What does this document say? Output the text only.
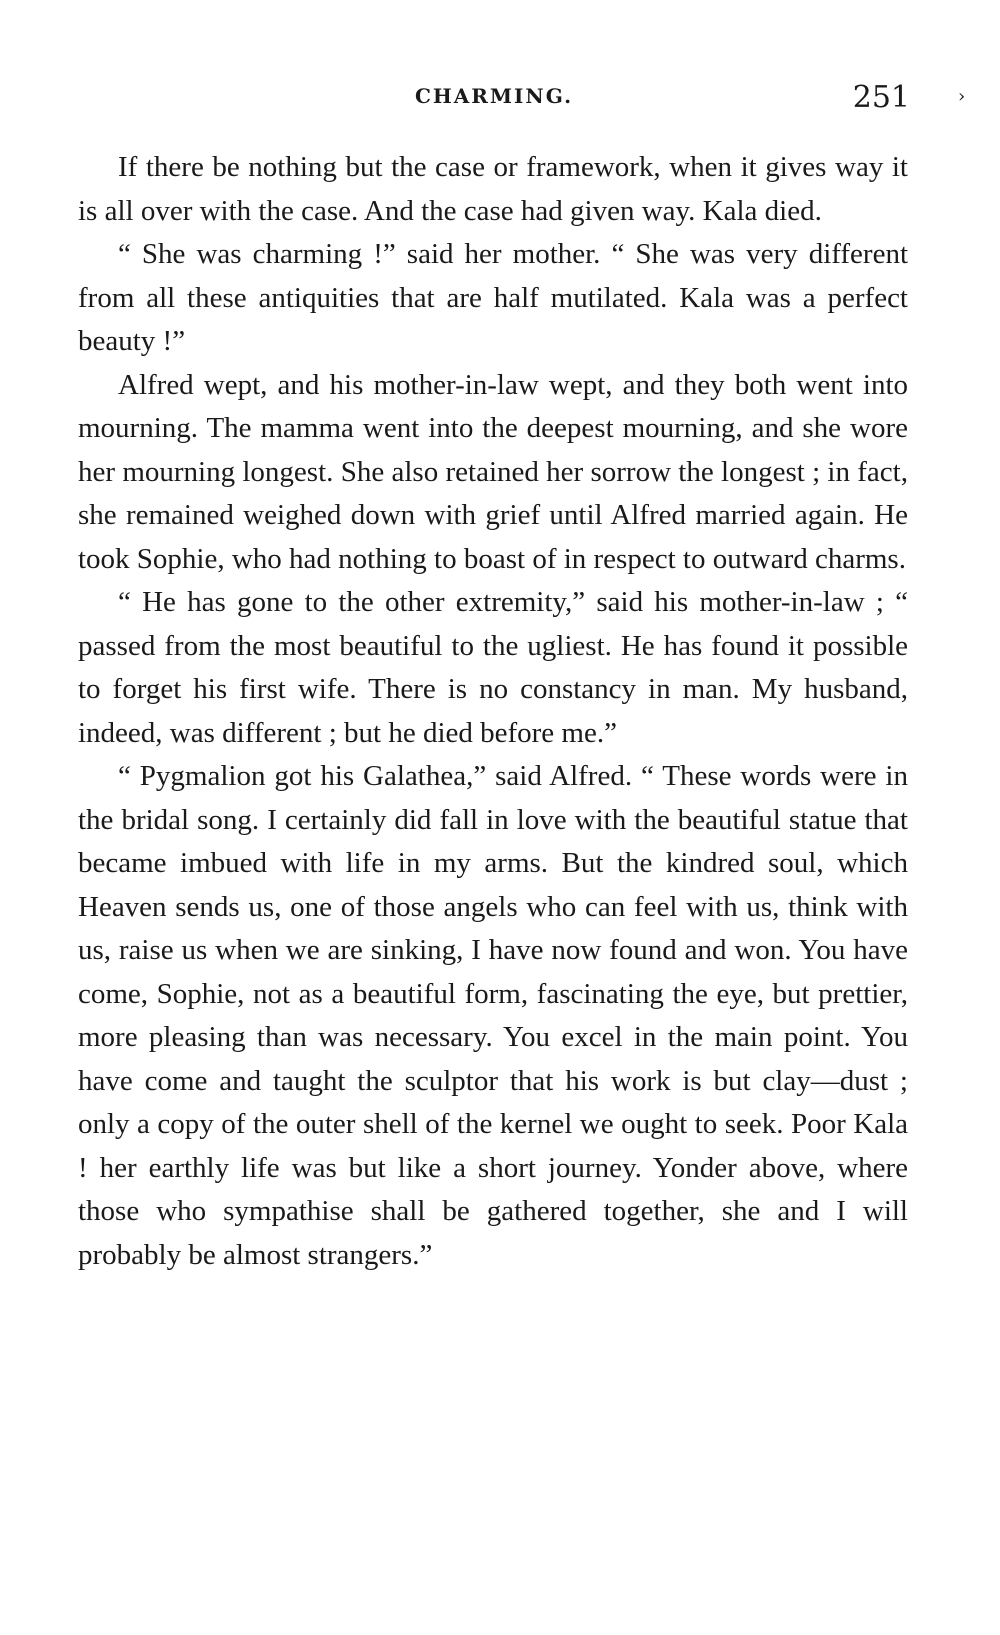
CHARMING.	251	›

If there be nothing but the case or framework, when it gives way it is all over with the case. And the case had given way. Kala died.

“ She was charming !” said her mother. “ She was very different from all these antiquities that are half mutilated. Kala was a perfect beauty !”

Alfred wept, and his mother-in-law wept, and they both went into mourning. The mamma went into the deepest mourning, and she wore her mourning longest. She also retained her sorrow the longest ; in fact, she remained weighed down with grief until Alfred married again. He took Sophie, who had nothing to boast of in respect to outward charms.

“ He has gone to the other extremity,” said his mother-in-law ; “ passed from the most beautiful to the ugliest. He has found it possible to forget his first wife. There is no constancy in man. My husband, indeed, was different ; but he died before me.”

“ Pygmalion got his Galathea,” said Alfred. “ These words were in the bridal song. I certainly did fall in love with the beautiful statue that became imbued with life in my arms. But the kindred soul, which Heaven sends us, one of those angels who can feel with us, think with us, raise us when we are sinking, I have now found and won. You have come, Sophie, not as a beautiful form, fascinating the eye, but prettier, more pleasing than was necessary. You excel in the main point. You have come and taught the sculptor that his work is but clay—dust ; only a copy of the outer shell of the kernel we ought to seek. Poor Kala ! her earthly life was but like a short journey. Yonder above, where those who sympathise shall be gathered together, she and I will probably be almost strangers.”
